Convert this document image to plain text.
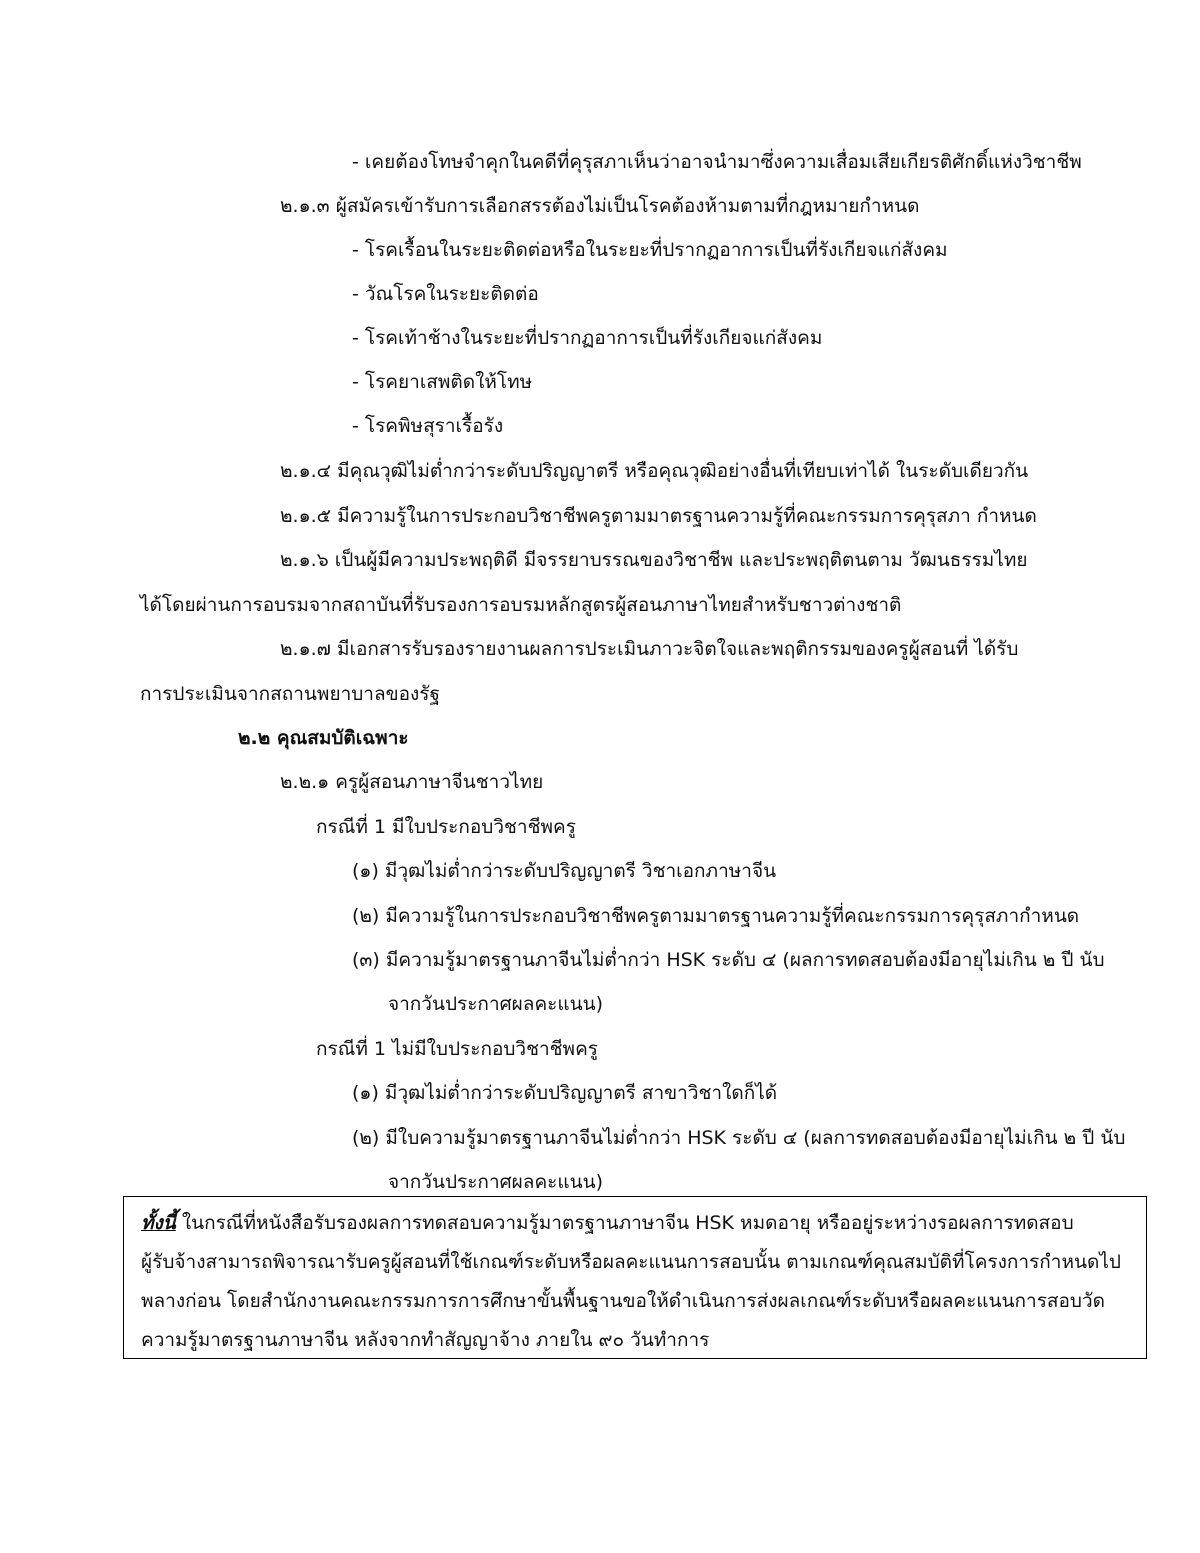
- เคยต้องโทษจำคุกในคดีที่คุรุสภาเห็นว่าอาจนำมาซึ่งความเสื่อมเสียเกียรติศักดิ์แห่งวิชาชีพ
๒.๑.๓ ผู้สมัครเข้ารับการเลือกสรรต้องไม่เป็นโรคต้องห้ามตามที่กฎหมายกำหนด
- โรคเรื้อนในระยะติดต่อหรือในระยะที่ปรากฏอาการเป็นที่รังเกียจแก่สังคม
- วัณโรคในระยะติดต่อ
- โรคเท้าช้างในระยะที่ปรากฏอาการเป็นที่รังเกียจแก่สังคม
- โรคยาเสพติดให้โทษ
- โรคพิษสุราเรื้อรัง
๒.๑.๔ มีคุณวุฒิไม่ต่ำกว่าระดับปริญญาตรี หรือคุณวุฒิอย่างอื่นที่เทียบเท่าได้ ในระดับเดียวกัน
๒.๑.๕ มีความรู้ในการประกอบวิชาชีพครูตามมาตรฐานความรู้ที่คณะกรรมการคุรุสภา กำหนด
๒.๑.๖ เป็นผู้มีความประพฤติดี มีจรรยาบรรณของวิชาชีพ และประพฤติตนตาม วัฒนธรรมไทย
ได้โดยผ่านการอบรมจากสถาบันที่รับรองการอบรมหลักสูตรผู้สอนภาษาไทยสำหรับชาวต่างชาติ
๒.๑.๗ มีเอกสารรับรองรายงานผลการประเมินภาวะจิตใจและพฤติกรรมของครูผู้สอนที่ ได้รับ
การประเมินจากสถานพยาบาลของรัฐ
๒.๒ คุณสมบัติเฉพาะ
๒.๒.๑ ครูผู้สอนภาษาจีนชาวไทย
กรณีที่ 1 มีใบประกอบวิชาชีพครู
(๑) มีวุฒไม่ต่ำกว่าระดับปริญญาตรี วิชาเอกภาษาจีน
(๒) มีความรู้ในการประกอบวิชาชีพครูตามมาตรฐานความรู้ที่คณะกรรมการคุรุสภากำหนด
(๓) มีความรู้มาตรฐานภาจีนไม่ต่ำกว่า HSK ระดับ ๔ (ผลการทดสอบต้องมีอายุไม่เกิน ๒ ปี นับ
จากวันประกาศผลคะแนน)
กรณีที่ 1 ไม่มีใบประกอบวิชาชีพครู
(๑) มีวุฒไม่ต่ำกว่าระดับปริญญาตรี สาขาวิชาใดก็ได้
(๒) มีใบความรู้มาตรฐานภาจีนไม่ต่ำกว่า HSK ระดับ ๔ (ผลการทดสอบต้องมีอายุไม่เกิน ๒ ปี นับ
จากวันประกาศผลคะแนน)
ทั้งนี้ ในกรณีที่หนังสือรับรองผลการทดสอบความรู้มาตรฐานภาษาจีน HSK หมดอายุ หรืออยู่ระหว่างรอผลการทดสอบ
ผู้รับจ้างสามารถพิจารณารับครูผู้สอนที่ใช้เกณฑ์ระดับหรือผลคะแนนการสอบนั้น ตามเกณฑ์คุณสมบัติที่โครงการกำหนดไป
พลางก่อน โดยสำนักงานคณะกรรมการการศึกษาขั้นพื้นฐานขอให้ดำเนินการส่งผลเกณฑ์ระดับหรือผลคะแนนการสอบวัด
ความรู้มาตรฐานภาษาจีน หลังจากทำสัญญาจ้าง ภายใน ๙๐ วันทำการ
